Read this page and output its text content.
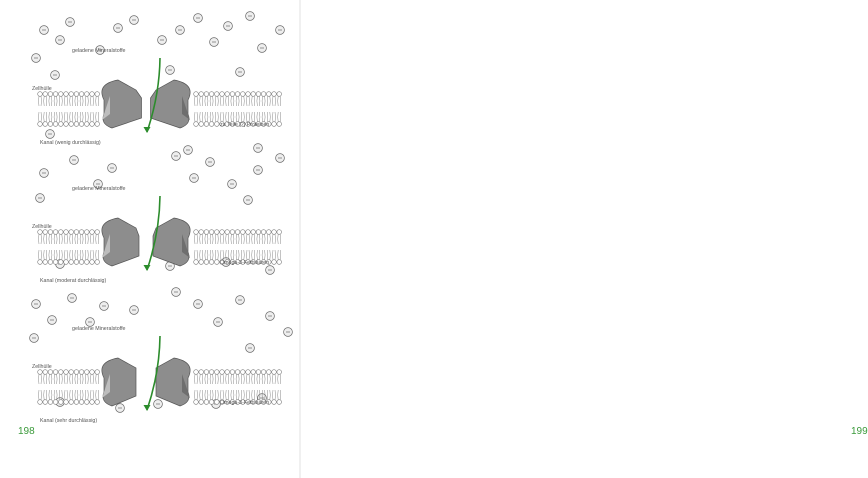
geladene Mineralstoffe
Zellhülle
zu Teile [?] Proteinen
Kanal (wenig durchlässig)
geladene Mineralstoffe
Zellhülle
Omega-3-Fettsäuren
Kanal (moderat durchlässig)
geladene Mineralstoffe
Zellhülle
Omega-3-Fettsäuren
Kanal (sehr durchlässig)
198	199
